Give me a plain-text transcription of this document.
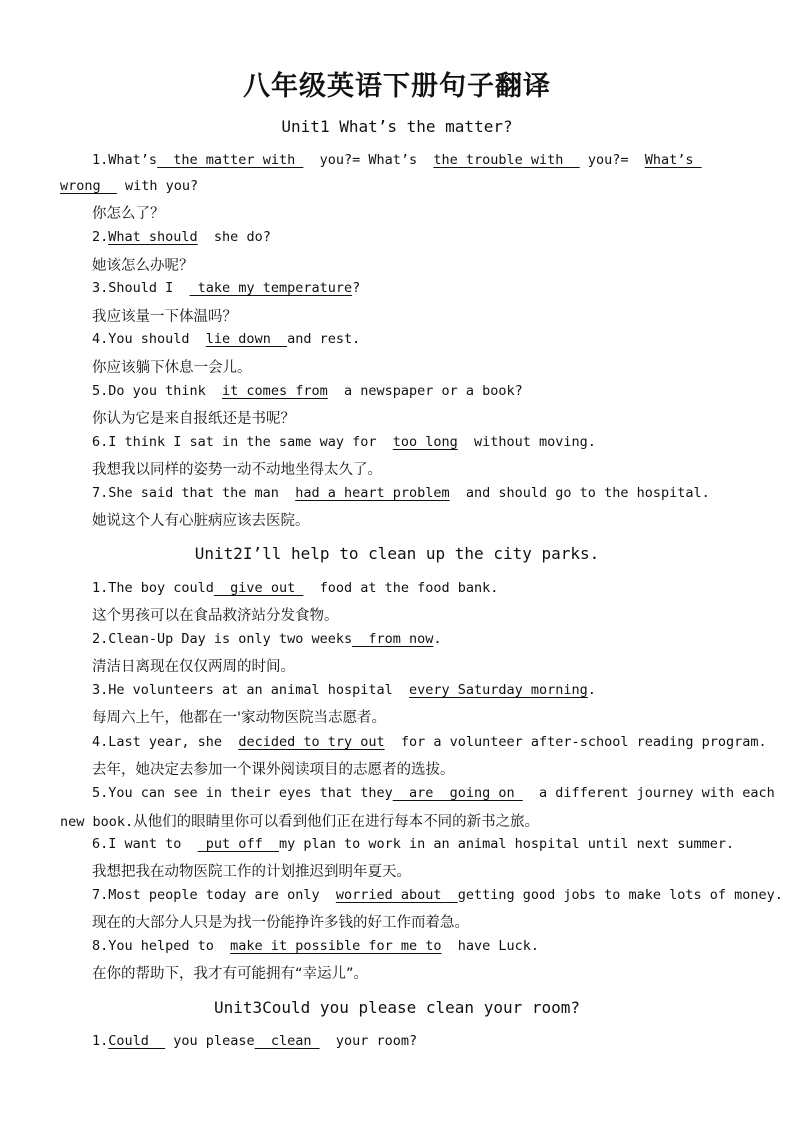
八年级英语下册句子翻译
Unit1 What’s the matter?
1.What’s  the matter with   you?= What’s  the trouble with   you?=  What’s
wrong   with you?
你怎么了？
2.What should  she do?
她该怎么办呢？
3.Should I   take my temperature?
我应该量一下体温吗？
4.You should  lie down  and rest.
你应该躺下休息一会儿。
5.Do you think  it comes from  a newspaper or a book?
你认为它是来自报纸还是书呢？
6.I think I sat in the same way for  too long  without moving.
我想我以同样的姿势一动不动地坐得太久了。
7.She said that the man  had a heart problem  and should go to the hospital.
她说这个人有心脏病应该去医院。
Unit2I’ll help to clean up the city parks.
1.The boy could  give out   food at the food bank.
这个男孩可以在食品救济站分发食物。
2.Clean-Up Day is only two weeks  from now.
清洁日离现在仅仅两周的时间。
3.He volunteers at an animal hospital  every Saturday morning.
每周六上午，他都在一'家动物医院当志愿者。
4.Last year, she  decided to try out  for a volunteer after-school reading program.
去年，她决定去参加一个课外阅读项目的志愿者的选拔。
5.You can see in their eyes that they  are  going on   a different journey with each
new book.从他们的眼睛里你可以看到他们正在进行每本不同的新书之旅。
6.I want to   put off  my plan to work in an animal hospital until next summer.
我想把我在动物医院工作的计划推迟到明年夏天。
7.Most people today are only  worried about  getting good jobs to make lots of money.
现在的大部分人只是为找一份能挣许多钱的好工作而着急。
8.You helped to  make it possible for me to  have Luck.
在你的帮助下，我才有可能拥有“幸运儿”。
Unit3Could you please clean your room?
1.Could   you please  clean   your room?
